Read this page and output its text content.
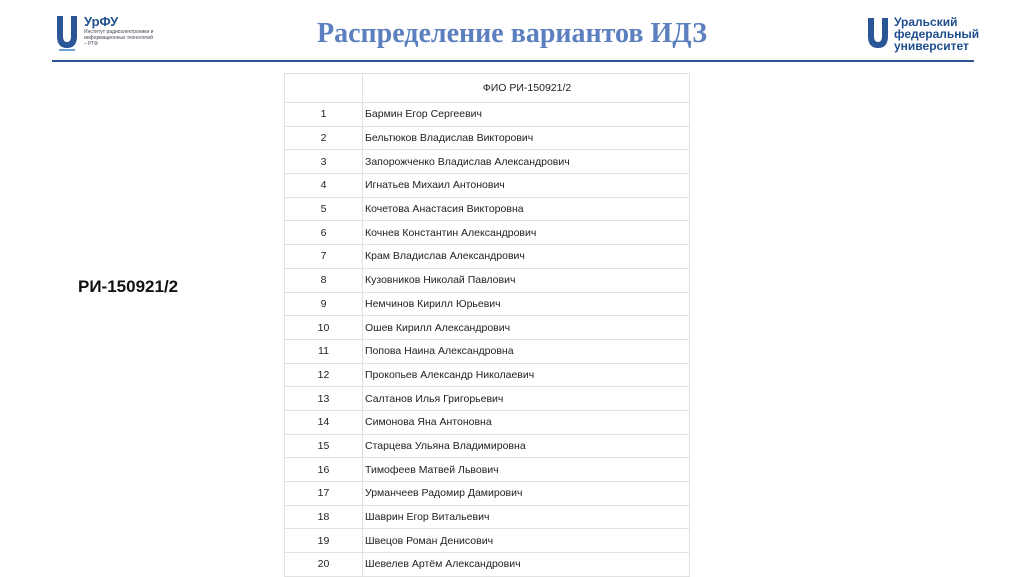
УрФУ
Институт радиоэлектроники и информационных технологий – РТФ	Распределение вариантов ИДЗ	Уральский
федеральный
университет
РИ-150921/2
	ФИО РИ-150921/2
1	Бармин Егор Сергеевич
2	Бельтюков Владислав Викторович
3	Запорожченко Владислав Александрович
4	Игнатьев Михаил Антонович
5	Кочетова Анастасия Викторовна
6	Кочнев Константин Александрович
7	Крам Владислав Александрович
8	Кузовников Николай Павлович
9	Немчинов Кирилл Юрьевич
10	Ошев Кирилл Александрович
11	Попова Наина Александровна
12	Прокопьев Александр Николаевич
13	Салтанов Илья Григорьевич
14	Симонова Яна Антоновна
15	Старцева Ульяна Владимировна
16	Тимофеев Матвей Львович
17	Урманчеев Радомир Дамирович
18	Шаврин Егор Витальевич
19	Швецов Роман Денисович
20	Шевелев Артём Александрович
